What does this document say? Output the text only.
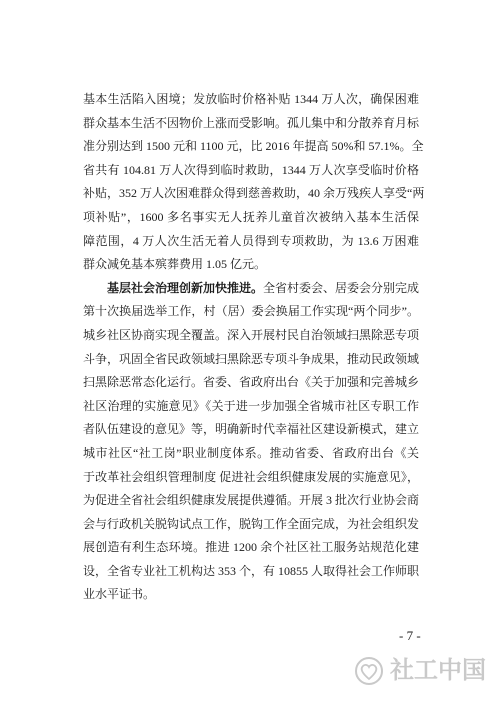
基本生活陷入困境；发放临时价格补贴 1344 万人次，确保困难
群众基本生活不因物价上涨而受影响。孤儿集中和分散养育月标
准分别达到 1500 元和 1100 元，比 2016 年提高 50%和 57.1%。全
省共有 104.81 万人次得到临时救助，1344 万人次享受临时价格
补贴，352 万人次困难群众得到慈善救助，40 余万残疾人享受“两
项补贴”，1600 多名事实无人抚养儿童首次被纳入基本生活保
障范围，4 万人次生活无着人员得到专项救助，为 13.6 万困难
群众减免基本殡葬费用 1.05 亿元。
基层社会治理创新加快推进。全省村委会、居委会分别完成
第十次换届选举工作，村（居）委会换届工作实现“两个同步”。
城乡社区协商实现全覆盖。深入开展村民自治领域扫黑除恶专项
斗争，巩固全省民政领域扫黑除恶专项斗争成果，推动民政领域
扫黑除恶常态化运行。省委、省政府出台《关于加强和完善城乡
社区治理的实施意见》《关于进一步加强全省城市社区专职工作
者队伍建设的意见》等，明确新时代幸福社区建设新模式，建立
城市社区“社工岗”职业制度体系。推动省委、省政府出台《关
于改革社会组织管理制度 促进社会组织健康发展的实施意见》，
为促进全省社会组织健康发展提供遵循。开展 3 批次行业协会商
会与行政机关脱钩试点工作，脱钩工作全面完成，为社会组织发
展创造有利生态环境。推进 1200 余个社区社工服务站规范化建
设，全省专业社工机构达 353 个，有 10855 人取得社会工作师职
业水平证书。
- 7 -
社工中国
